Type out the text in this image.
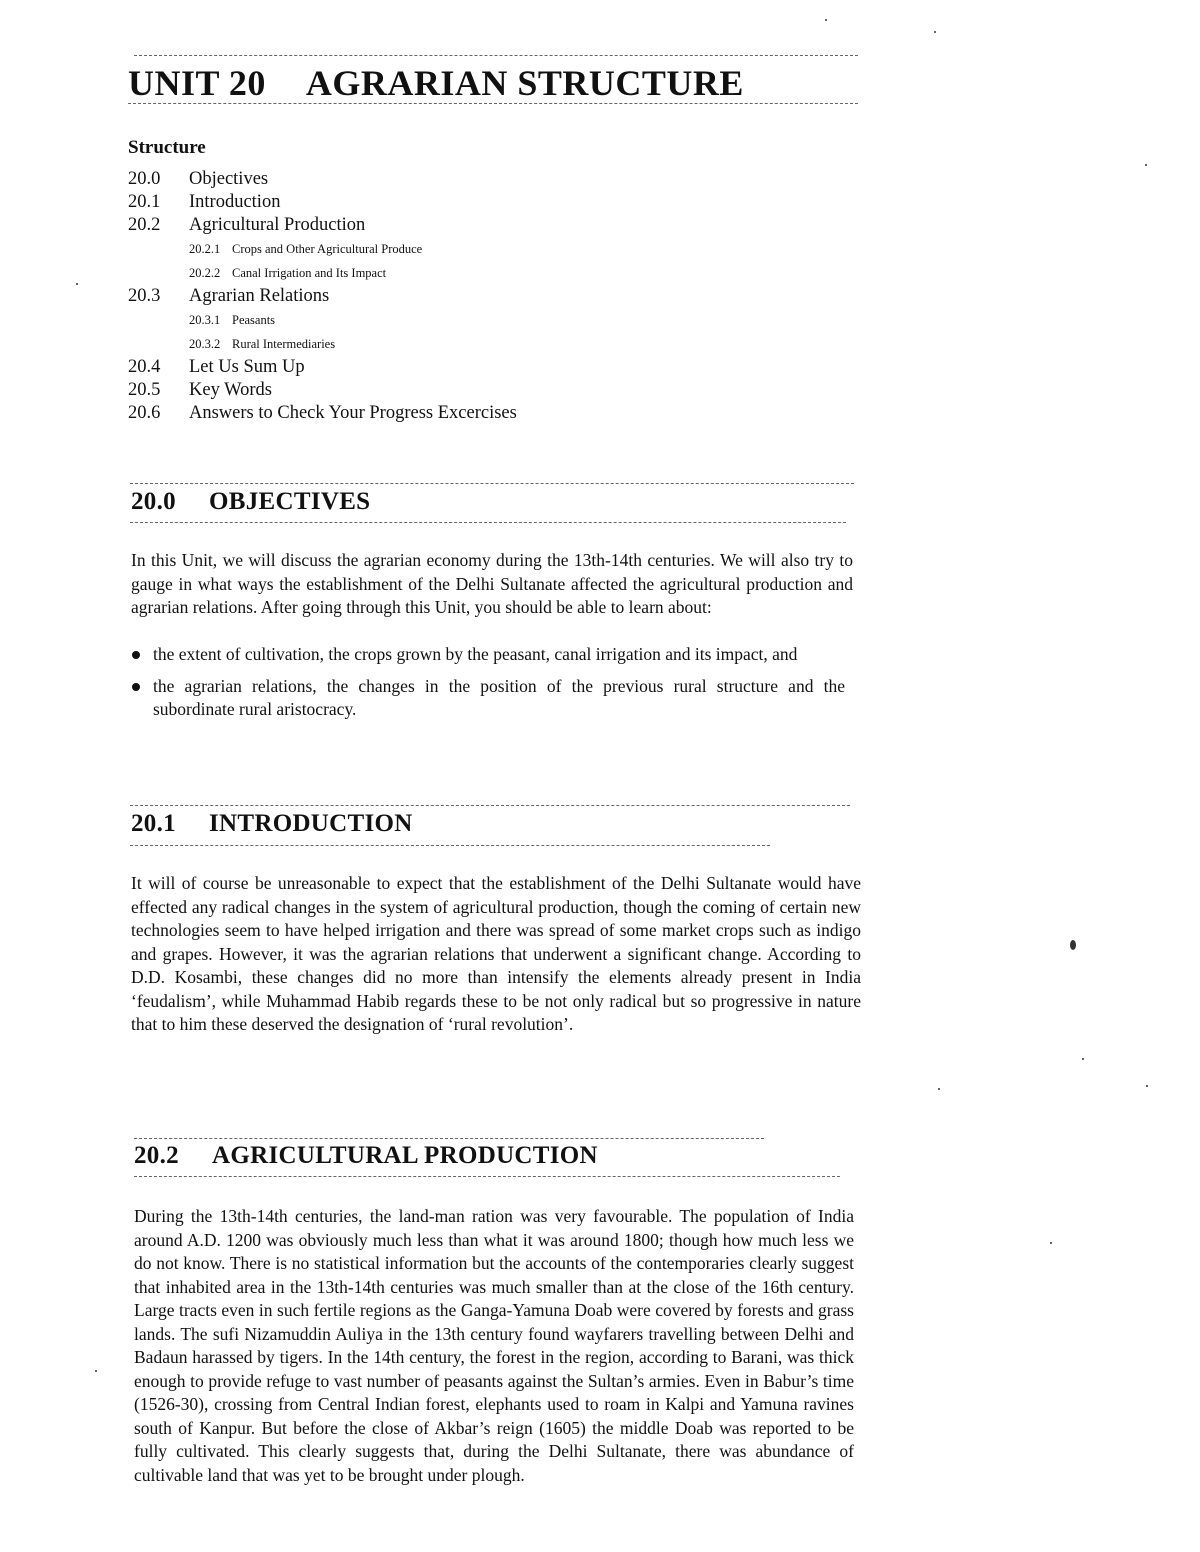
UNIT 20 AGRARIAN STRUCTURE
Structure
20.0 Objectives
20.1 Introduction
20.2 Agricultural Production
20.2.1 Crops and Other Agricultural Produce
20.2.2 Canal Irrigation and Its Impact
20.3 Agrarian Relations
20.3.1 Peasants
20.3.2 Rural Intermediaries
20.4 Let Us Sum Up
20.5 Key Words
20.6 Answers to Check Your Progress Excercises
20.0 OBJECTIVES

In this Unit, we will discuss the agrarian economy during the 13th-14th centuries. We will also try to gauge in what ways the establishment of the Delhi Sultanate affected the agricultural production and agrarian relations. After going through this Unit, you should be able to learn about:

the extent of cultivation, the crops grown by the peasant, canal irrigation and its impact, and
the agrarian relations, the changes in the position of the previous rural structure and the subordinate rural aristocracy.
20.1 INTRODUCTION

It will of course be unreasonable to expect that the establishment of the Delhi Sultanate would have effected any radical changes in the system of agricultural production, though the coming of certain new technologies seem to have helped irrigation and there was spread of some market crops such as indigo and grapes. However, it was the agrarian relations that underwent a significant change. According to D.D. Kosambi, these changes did no more than intensify the elements already present in India ‘feudalism’, while Muhammad Habib regards these to be not only radical but so progressive in nature that to him these deserved the designation of ‘rural revolution’.

20.2 AGRICULTURAL PRODUCTION

During the 13th-14th centuries, the land-man ration was very favourable. The population of India around A.D. 1200 was obviously much less than what it was around 1800; though how much less we do not know. There is no statistical information but the accounts of the contemporaries clearly suggest that inhabited area in the 13th-14th centuries was much smaller than at the close of the 16th century. Large tracts even in such fertile regions as the Ganga-Yamuna Doab were covered by forests and grass lands. The sufi Nizamuddin Auliya in the 13th century found wayfarers travelling between Delhi and Badaun harassed by tigers. In the 14th century, the forest in the region, according to Barani, was thick enough to provide refuge to vast number of peasants against the Sultan’s armies. Even in Babur’s time (1526-30), crossing from Central Indian forest, elephants used to roam in Kalpi and Yamuna ravines south of Kanpur. But before the close of Akbar’s reign (1605) the middle Doab was reported to be fully cultivated. This clearly suggests that, during the Delhi Sultanate, there was abundance of cultivable land that was yet to be brought under plough.
